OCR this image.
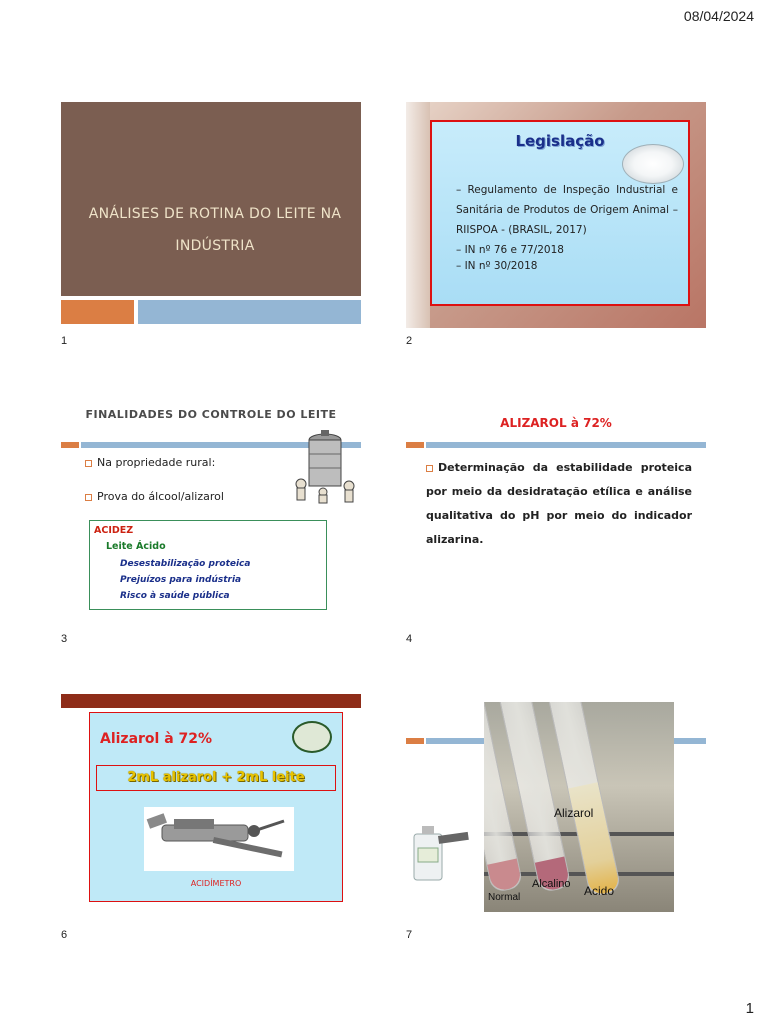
08/04/2024
ANÁLISES DE ROTINA DO LEITE NA
INDÚSTRIA
1
Legislação
– Regulamento de Inspeção Industrial e Sanitária de Produtos de Origem Animal – RIISPOA - (BRASIL, 2017)
– IN nº 76 e 77/2018
– IN nº 30/2018
2
FINALIDADES DO CONTROLE DO LEITE
Na propriedade rural:
Prova do álcool/alizarol
ACIDEZ
Leite Ácido
Desestabilização proteica
Prejuízos para indústria
Risco à saúde pública
3
ALIZAROL à 72%
Determinação da estabilidade proteica por meio da desidratação etílica e análise qualitativa do pH por meio do indicador alizarina.
4
Alizarol à 72%
2mL alizarol + 2mL leite
ACIDÍMETRO
6
Alizarol
Alcalino Acido
Normal
7
1
